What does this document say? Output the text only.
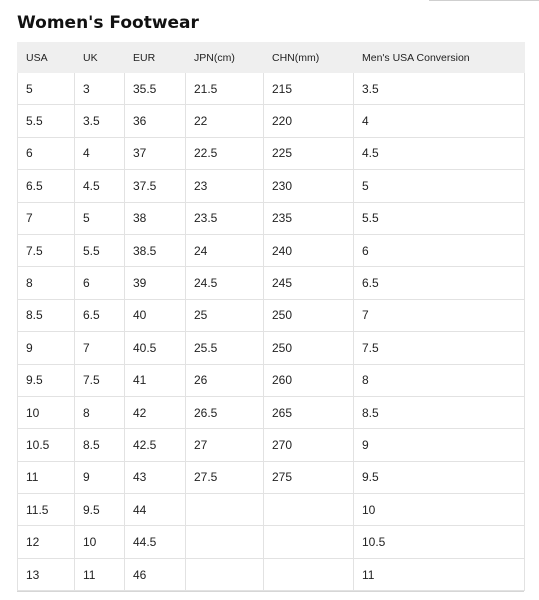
Women's Footwear
USA	UK	EUR	JPN(cm)	CHN(mm)	Men's USA Conversion
5	3	35.5	21.5	215	3.5
5.5	3.5	36	22	220	4
6	4	37	22.5	225	4.5
6.5	4.5	37.5	23	230	5
7	5	38	23.5	235	5.5
7.5	5.5	38.5	24	240	6
8	6	39	24.5	245	6.5
8.5	6.5	40	25	250	7
9	7	40.5	25.5	250	7.5
9.5	7.5	41	26	260	8
10	8	42	26.5	265	8.5
10.5	8.5	42.5	27	270	9
11	9	43	27.5	275	9.5
11.5	9.5	44			10
12	10	44.5			10.5
13	11	46			11
